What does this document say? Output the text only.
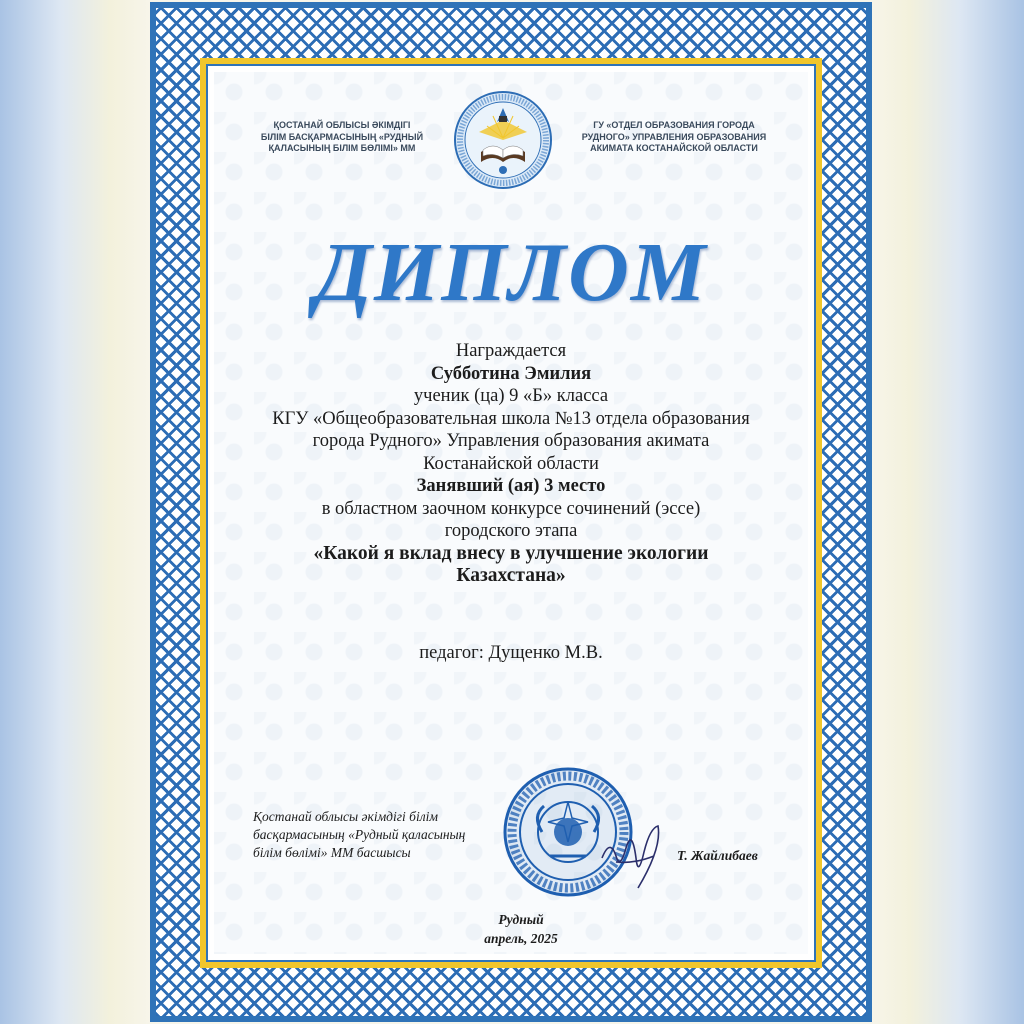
ҚОСТАНАЙ ОБЛЫСЫ ӘКІМДІГІ
БІЛІМ БАСҚАРМАСЫНЫҢ «РУДНЫЙ
ҚАЛАСЫНЫҢ БІЛІМ БӨЛІМІ» ММ
ГУ «ОТДЕЛ ОБРАЗОВАНИЯ ГОРОДА
РУДНОГО» УПРАВЛЕНИЯ ОБРАЗОВАНИЯ
АКИМАТА КОСТАНАЙСКОЙ ОБЛАСТИ
ДИПЛОМ
Награждается
Субботина Эмилия
ученик (ца) 9 «Б» класса
КГУ «Общеобразовательная школа №13 отдела образования
города Рудного» Управления образования акимата
Костанайской области
Занявший (ая) 3 место
в областном заочном конкурсе сочинений (эссе)
городского этапа
«Какой я вклад внесу в улучшение экологии
Казахстана»
педагог: Дущенко М.В.
Қостанай облысы әкімдігі білім
басқармасының «Рудный қаласының
білім бөлімі» ММ басшысы	Т. Жайлибаев
Рудный
апрель, 2025
